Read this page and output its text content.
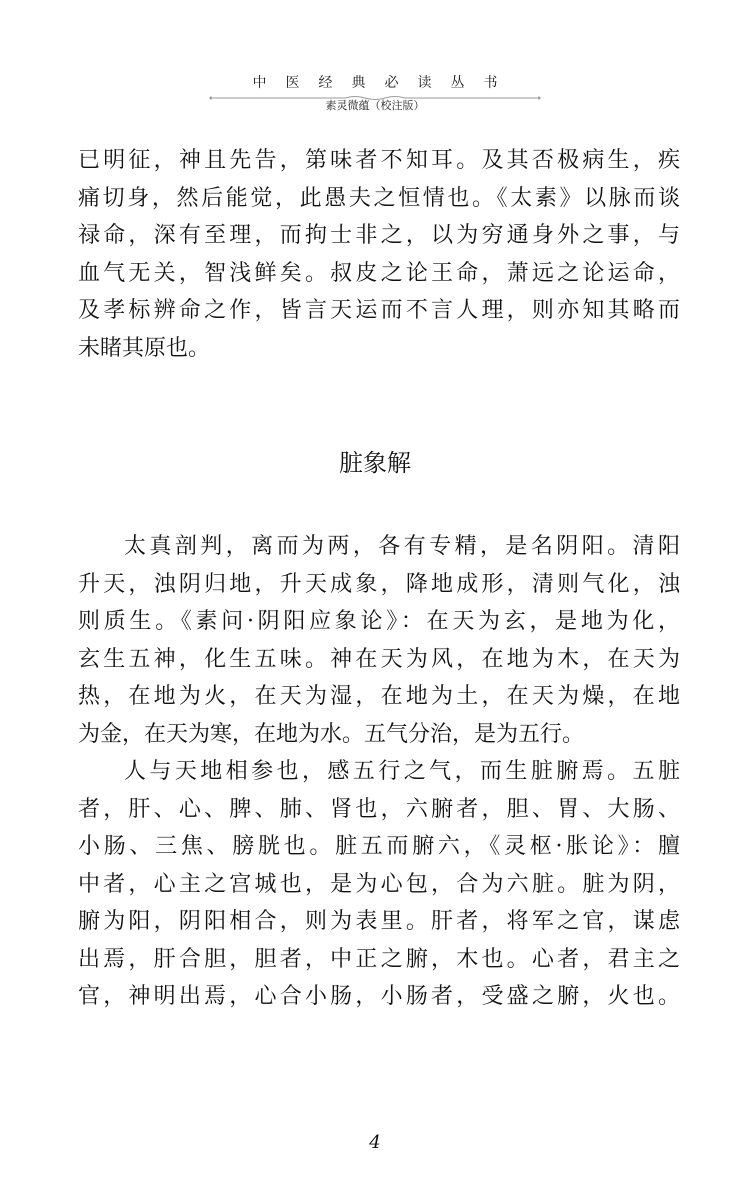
中医经典必读丛书
素灵微蕴（校注版）
已明征，神且先告，第味者不知耳。及其否极病生，疾
痛切身，然后能觉，此愚夫之恒情也。《太素》以脉而谈
禄命，深有至理，而拘士非之，以为穷通身外之事，与
血气无关，智浅鲜矣。叔皮之论王命，萧远之论运命，
及孝标辨命之作，皆言天运而不言人理，则亦知其略而
未睹其原也。
脏象解
太真剖判，离而为两，各有专精，是名阴阳。清阳
升天，浊阴归地，升天成象，降地成形，清则气化，浊
则质生。《素问·阴阳应象论》：在天为玄，是地为化，
玄生五神，化生五味。神在天为风，在地为木，在天为
热，在地为火，在天为湿，在地为土，在天为燥，在地
为金，在天为寒，在地为水。五气分治，是为五行。
人与天地相参也，感五行之气，而生脏腑焉。五脏
者，肝、心、脾、肺、肾也，六腑者，胆、胃、大肠、
小肠、三焦、膀胱也。脏五而腑六，《灵枢·胀论》：膻
中者，心主之宫城也，是为心包，合为六脏。脏为阴，
腑为阳，阴阳相合，则为表里。肝者，将军之官，谋虑
出焉，肝合胆，胆者，中正之腑，木也。心者，君主之
官，神明出焉，心合小肠，小肠者，受盛之腑，火也。
4
